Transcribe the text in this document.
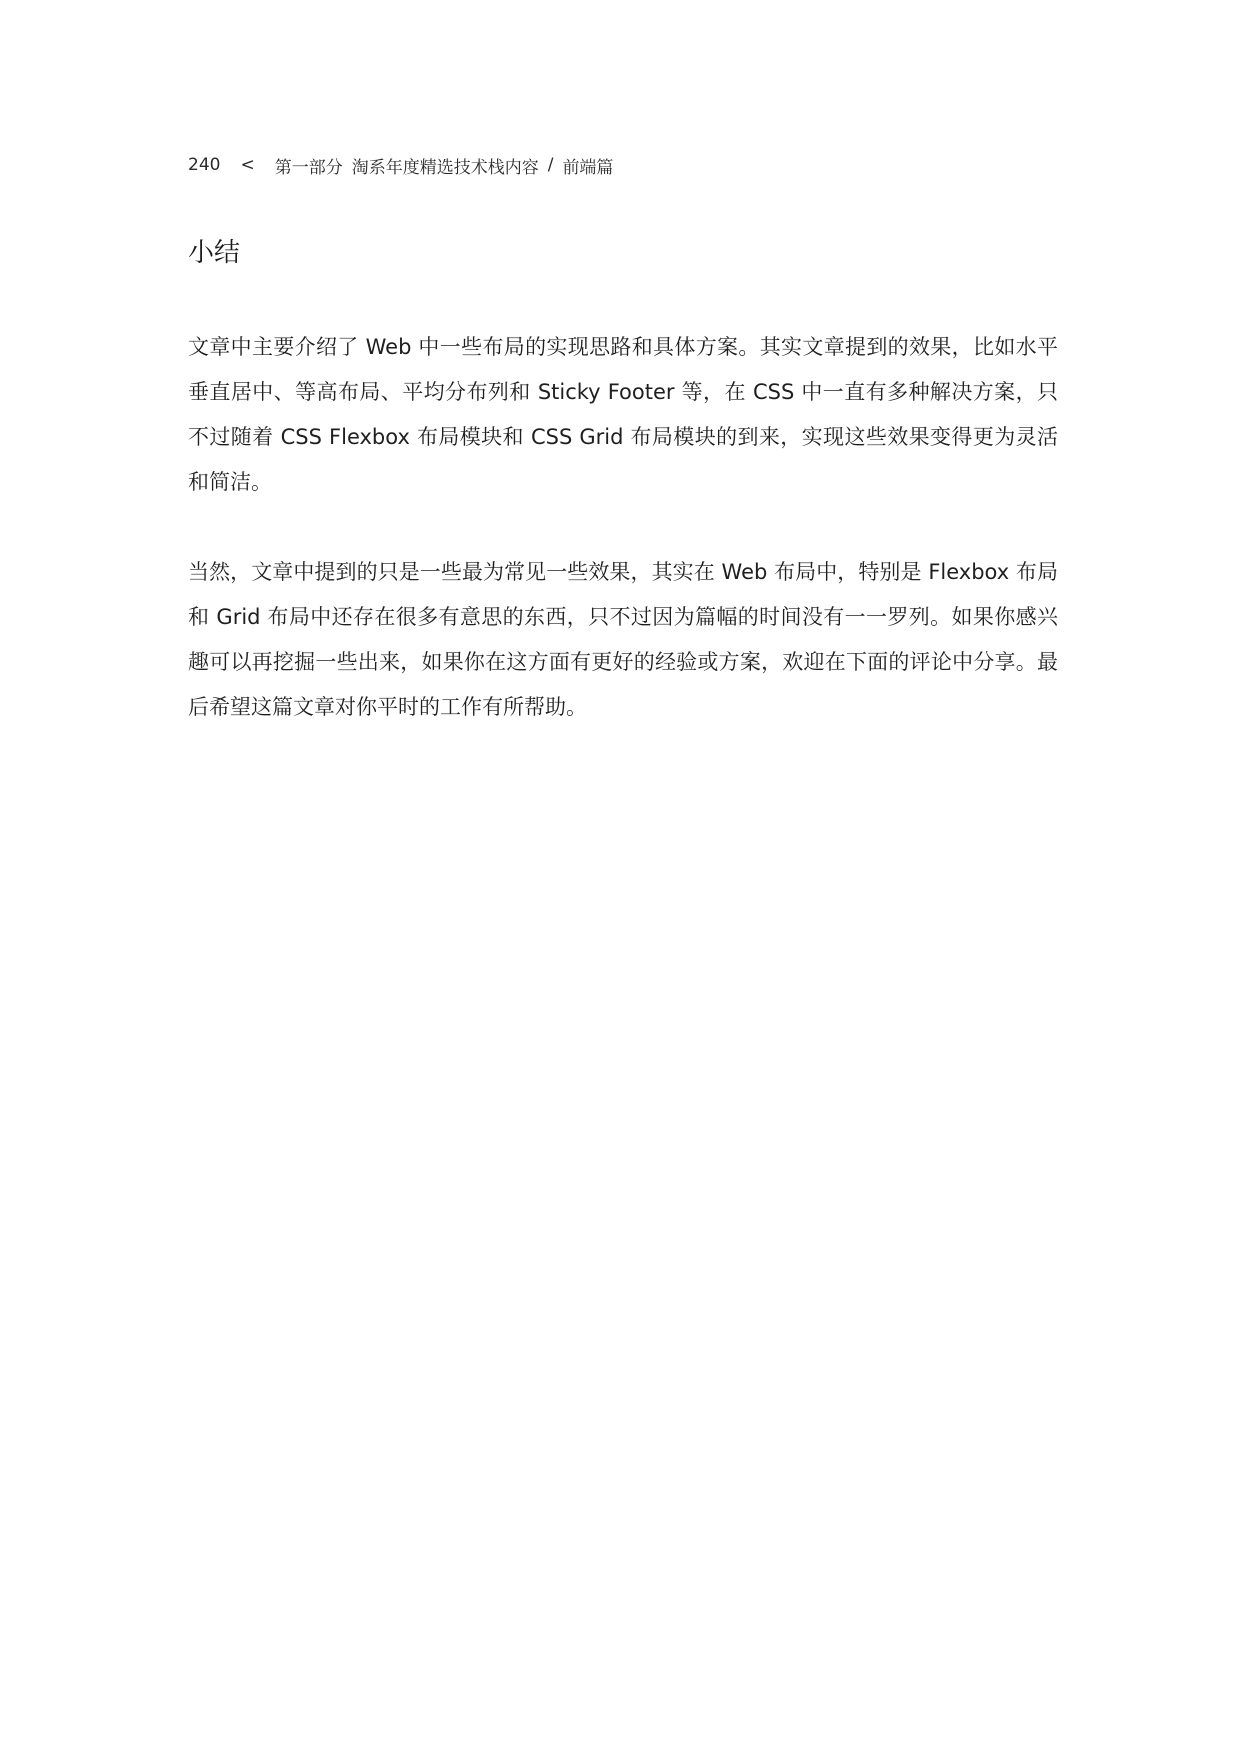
240 < 第一部分 淘系年度精选技术栈内容 / 前端篇
小结

文章中主要介绍了 Web 中一些布局的实现思路和具体方案。其实文章提到的效果，比如水平垂直居中、等高布局、平均分布列和 Sticky Footer 等，在 CSS 中一直有多种解决方案，只不过随着 CSS Flexbox 布局模块和 CSS Grid 布局模块的到来，实现这些效果变得更为灵活和简洁。

当然，文章中提到的只是一些最为常见一些效果，其实在 Web 布局中，特别是 Flexbox 布局和 Grid 布局中还存在很多有意思的东西，只不过因为篇幅的时间没有一一罗列。如果你感兴趣可以再挖掘一些出来，如果你在这方面有更好的经验或方案，欢迎在下面的评论中分享。最后希望这篇文章对你平时的工作有所帮助。
